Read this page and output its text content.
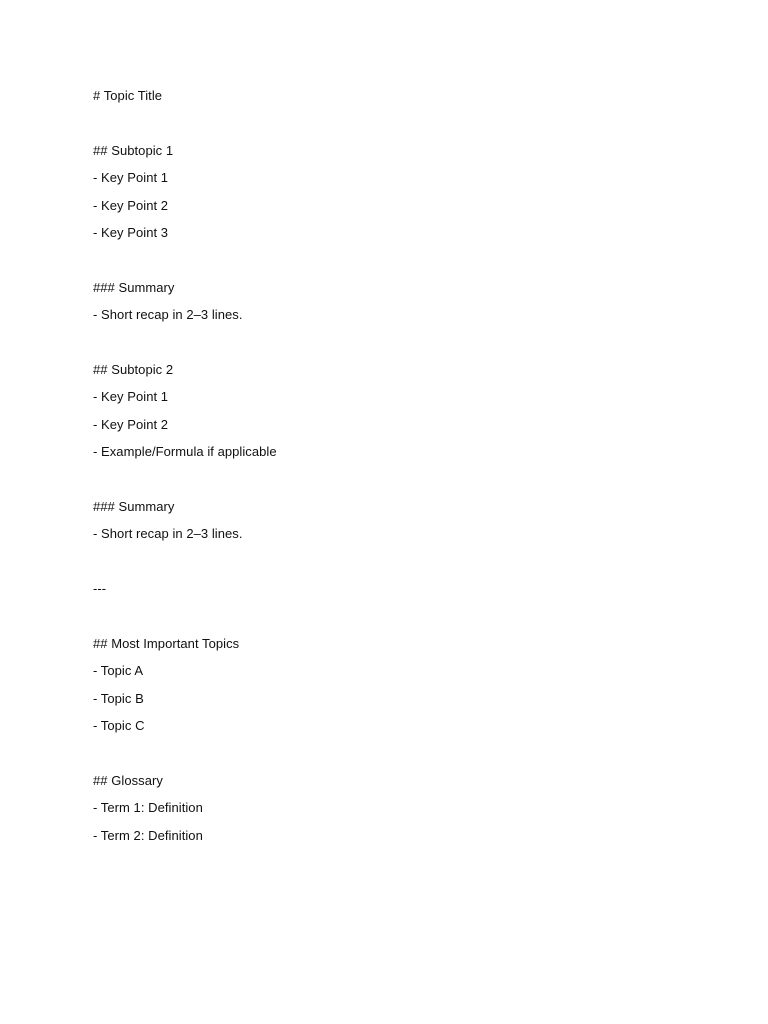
# Topic Title
## Subtopic 1
- Key Point 1
- Key Point 2
- Key Point 3
### Summary
- Short recap in 2–3 lines.
## Subtopic 2
- Key Point 1
- Key Point 2
- Example/Formula if applicable
### Summary
- Short recap in 2–3 lines.
---
## Most Important Topics
- Topic A
- Topic B
- Topic C
## Glossary
- Term 1: Definition
- Term 2: Definition
